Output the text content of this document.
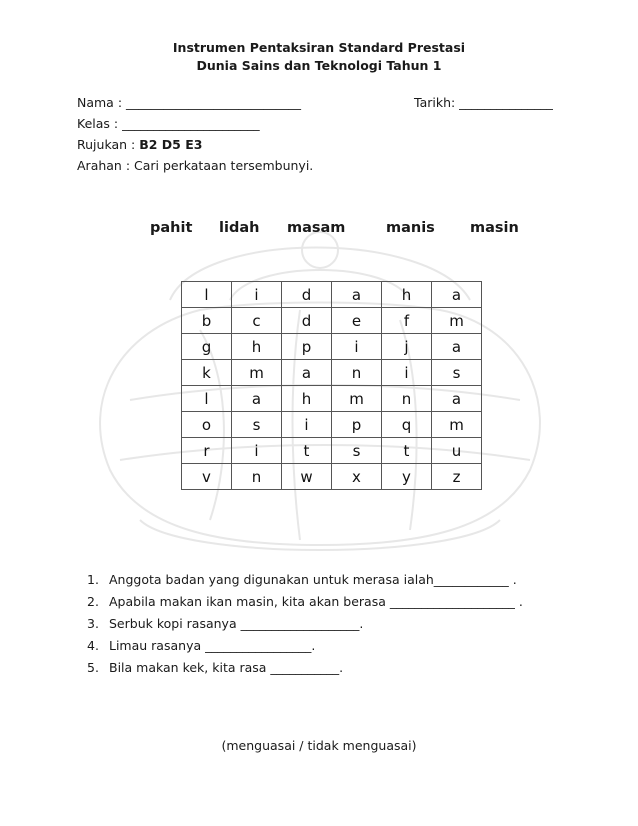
Instrumen Pentaksiran Standard Prestasi
Dunia Sains dan Teknologi Tahun 1
Nama : ____________________________	Tarikh: _______________
Kelas : ______________________
Rujukan : B2 D5 E3
Arahan : Cari perkataan tersembunyi.
pahit lidah masam	manis masin
l	i	d	a	h	a
b	c	d	e	f	m
g	h	p	i	j	a
k	m	a	n	i	s
l	a	h	m	n	a
o	s	i	p	q	m
r	i	t	s	t	u
v	n	w	x	y	z
1. Anggota badan yang digunakan untuk merasa ialah____________ .
2. Apabila makan ikan masin, kita akan berasa ____________________ .
3. Serbuk kopi rasanya ___________________.
4. Limau rasanya _________________.
5. Bila makan kek, kita rasa ___________.
(menguasai / tidak menguasai)
